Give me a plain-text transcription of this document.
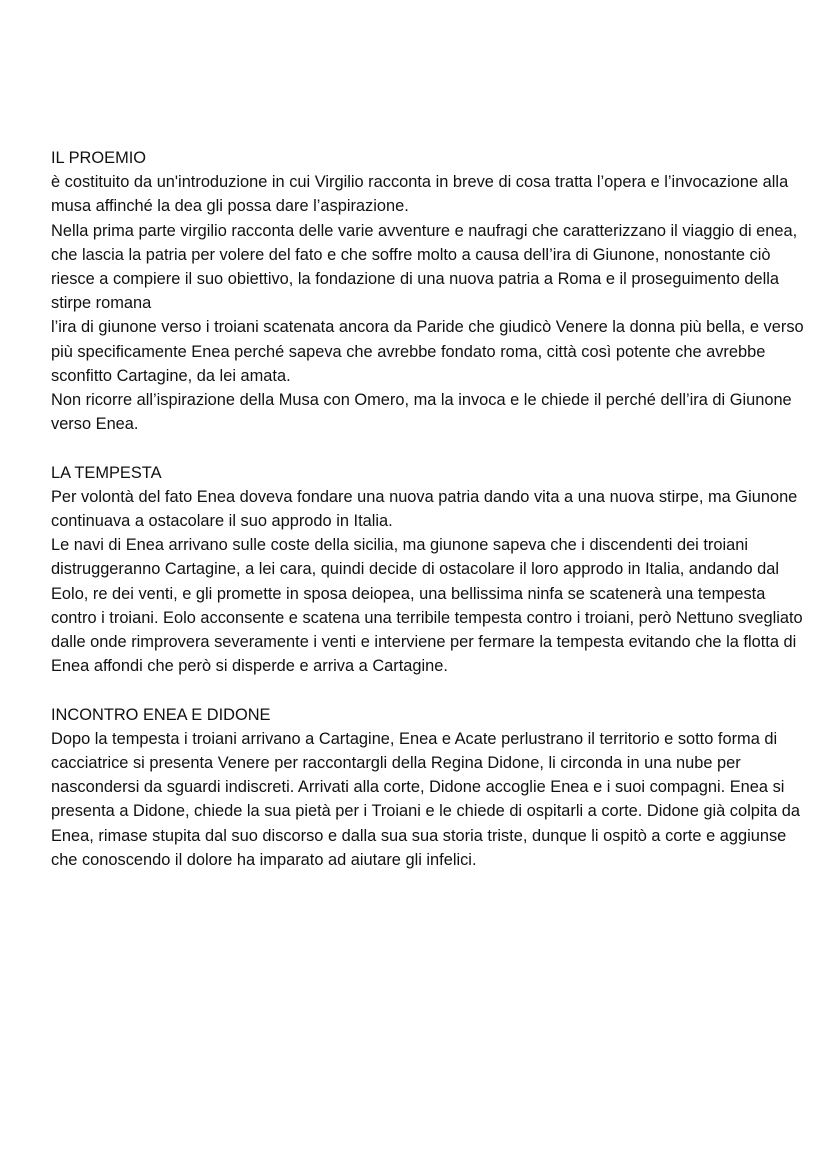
IL PROEMIO
è costituito da un'introduzione in cui Virgilio racconta in breve di cosa tratta l’opera e l’invocazione alla musa affinché la dea gli possa dare l’aspirazione.
Nella prima parte virgilio racconta delle varie avventure e naufragi che caratterizzano il viaggio di enea, che lascia la patria per volere del fato e che soffre molto a causa dell’ira di Giunone, nonostante ciò riesce a compiere il suo obiettivo, la fondazione di una nuova patria a Roma e il proseguimento della stirpe romana
l’ira di giunone verso i troiani scatenata ancora da Paride che giudicò Venere la donna più bella, e verso più specificamente Enea perché sapeva che avrebbe fondato roma, città così potente che avrebbe sconfitto Cartagine, da lei amata.
Non ricorre all’ispirazione della Musa con Omero, ma la invoca e le chiede il perché dell’ira di Giunone verso Enea.
LA TEMPESTA
Per volontà del fato Enea doveva fondare una nuova patria dando vita a una nuova stirpe, ma Giunone continuava a ostacolare il suo approdo in Italia.
Le navi di Enea arrivano sulle coste della sicilia, ma giunone sapeva che i discendenti dei troiani distruggeranno Cartagine, a lei cara, quindi decide di ostacolare il loro approdo in Italia, andando dal Eolo, re dei venti, e gli promette in sposa deiopea, una bellissima ninfa se scatenerà una tempesta contro i troiani. Eolo acconsente e scatena una terribile tempesta contro i troiani, però Nettuno svegliato dalle onde rimprovera severamente i venti e interviene per fermare la tempesta evitando che la flotta di Enea affondi che però si disperde e arriva a Cartagine.
INCONTRO ENEA E DIDONE
Dopo la tempesta i troiani arrivano a Cartagine, Enea e Acate perlustrano il territorio e sotto forma di cacciatrice si presenta Venere per raccontargli della Regina Didone, li circonda in una nube per nascondersi da sguardi indiscreti. Arrivati alla corte, Didone accoglie Enea e i suoi compagni. Enea si presenta a Didone, chiede la sua pietà per i Troiani e le chiede di ospitarli a corte. Didone già colpita da Enea, rimase stupita dal suo discorso e dalla sua sua storia triste, dunque li ospitò a corte e aggiunse che conoscendo il dolore ha imparato ad aiutare gli infelici.
